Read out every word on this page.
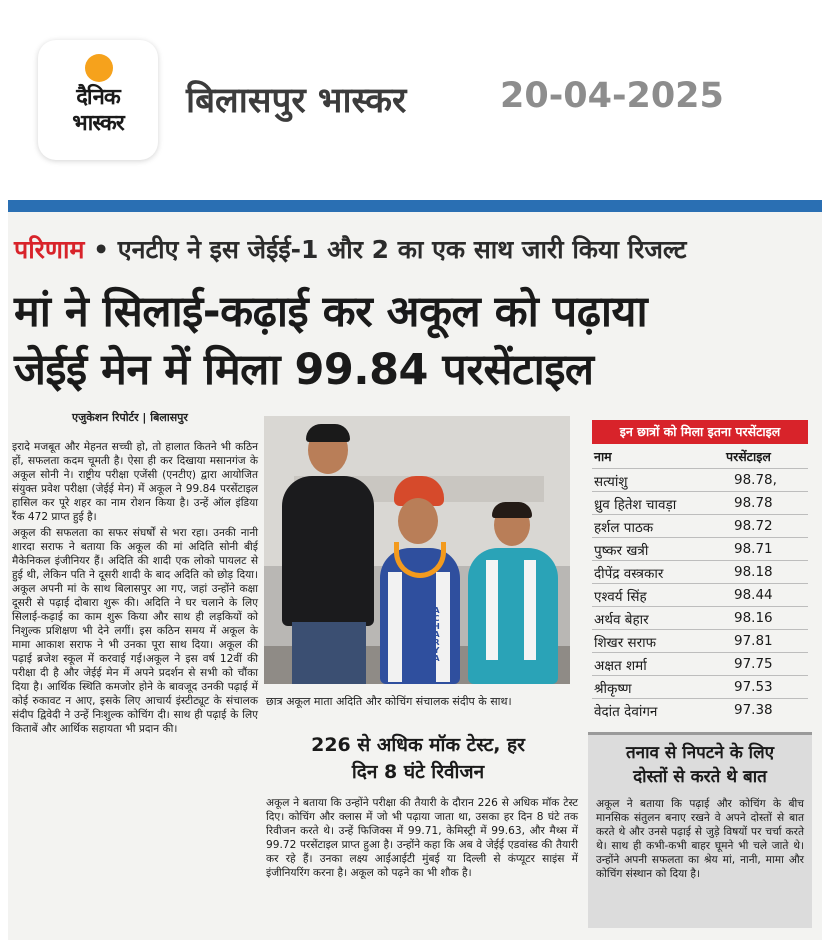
दैनिक
भास्कर
बिलासपुर भास्कर	20-04-2025
परिणाम • एनटीए ने इस जेईई-1 और 2 का एक साथ जारी किया रिजल्ट
मां ने सिलाई-कढ़ाई कर अकूल को पढ़ाया
जेईई मेन में मिला 99.84 परसेंटाइल
एजुकेशन रिपोर्टर | बिलासपुर

इरादे मजबूत और मेहनत सच्ची हो, तो हालात कितने भी कठिन हों, सफलता कदम चूमती है। ऐसा ही कर दिखाया मसानगंज के अकूल सोनी ने। राष्ट्रीय परीक्षा एजेंसी (एनटीए) द्वारा आयोजित संयुक्त प्रवेश परीक्षा (जेईई मेन) में अकूल ने 99.84 परसेंटाइल हासिल कर पूरे शहर का नाम रोशन किया है। उन्हें ऑल इंडिया रैंक 472 प्राप्त हुई है।

अकूल की सफलता का सफर संघर्षों से भरा रहा। उनकी नानी शारदा सराफ ने बताया कि अकूल की मां अदिति सोनी बीई मैकेनिकल इंजीनियर हैं। अदिति की शादी एक लोको पायलट से हुई थी, लेकिन पति ने दूसरी शादी के बाद अदिति को छोड़ दिया। अकूल अपनी मां के साथ बिलासपुर आ गए, जहां उन्होंने कक्षा दूसरी से पढ़ाई दोबारा शुरू की। अदिति ने घर चलाने के लिए सिलाई-कढ़ाई का काम शुरू किया और साथ ही लड़कियों को निशुल्क प्रशिक्षण भी देने लगीं। इस कठिन समय में अकूल के मामा आकाश सराफ ने भी उनका पूरा साथ दिया। अकूल की पढ़ाई ब्रजेश स्कूल में करवाई गई।अकूल ने इस वर्ष 12वीं की परीक्षा दी है और जेईई मेन में अपने प्रदर्शन से सभी को चौंका दिया है। आर्थिक स्थिति कमजोर होने के बावजूद उनकी पढ़ाई में कोई रुकावट न आए, इसके लिए आचार्य इंस्टीट्यूट के संचालक संदीप द्विवेदी ने उन्हें निःशुल्क कोचिंग दी। साथ ही पढ़ाई के लिए किताबें और आर्थिक सहायता भी प्रदान की।

ACHARYA
छात्र अकूल माता अदिति और कोचिंग संचालक संदीप के साथ।
226 से अधिक मॉक टेस्ट, हर
दिन 8 घंटे रिवीजन
अकूल ने बताया कि उन्होंने परीक्षा की तैयारी के दौरान 226 से अधिक मॉक टेस्ट दिए। कोचिंग और क्लास में जो भी पढ़ाया जाता था, उसका हर दिन 8 घंटे तक रिवीजन करते थे। उन्हें फिजिक्स में 99.71, केमिस्ट्री में 99.63, और मैथ्स में 99.72 परसेंटाइल प्राप्त हुआ है। उन्होंने कहा कि अब वे जेईई एडवांस्ड की तैयारी कर रहे हैं। उनका लक्ष्य आईआईटी मुंबई या दिल्ली से कंप्यूटर साइंस में इंजीनियरिंग करना है। अकूल को पढ़ने का भी शौक है।
इन छात्रों को मिला इतना परसेंटाइल
नाम	परसेंटाइल
सत्यांशु	98.78,
ध्रुव हितेश चावड़ा	98.78
हर्शल पाठक	98.72
पुष्कर खत्री	98.71
दीपेंद्र वस्त्रकार	98.18
एश्वर्य सिंह	98.44
अर्थव बेहार	98.16
शिखर सराफ	97.81
अक्षत शर्मा	97.75
श्रीकृष्ण	97.53
वेदांत देवांगन	97.38
तनाव से निपटने के लिए
दोस्तों से करते थे बात
अकूल ने बताया कि पढ़ाई और कोचिंग के बीच मानसिक संतुलन बनाए रखने वे अपने दोस्तों से बात करते थे और उनसे पढ़ाई से जुड़े विषयों पर चर्चा करते थे। साथ ही कभी-कभी बाहर घूमने भी चले जाते थे। उन्होंने अपनी सफलता का श्रेय मां, नानी, मामा और कोचिंग संस्थान को दिया है।
